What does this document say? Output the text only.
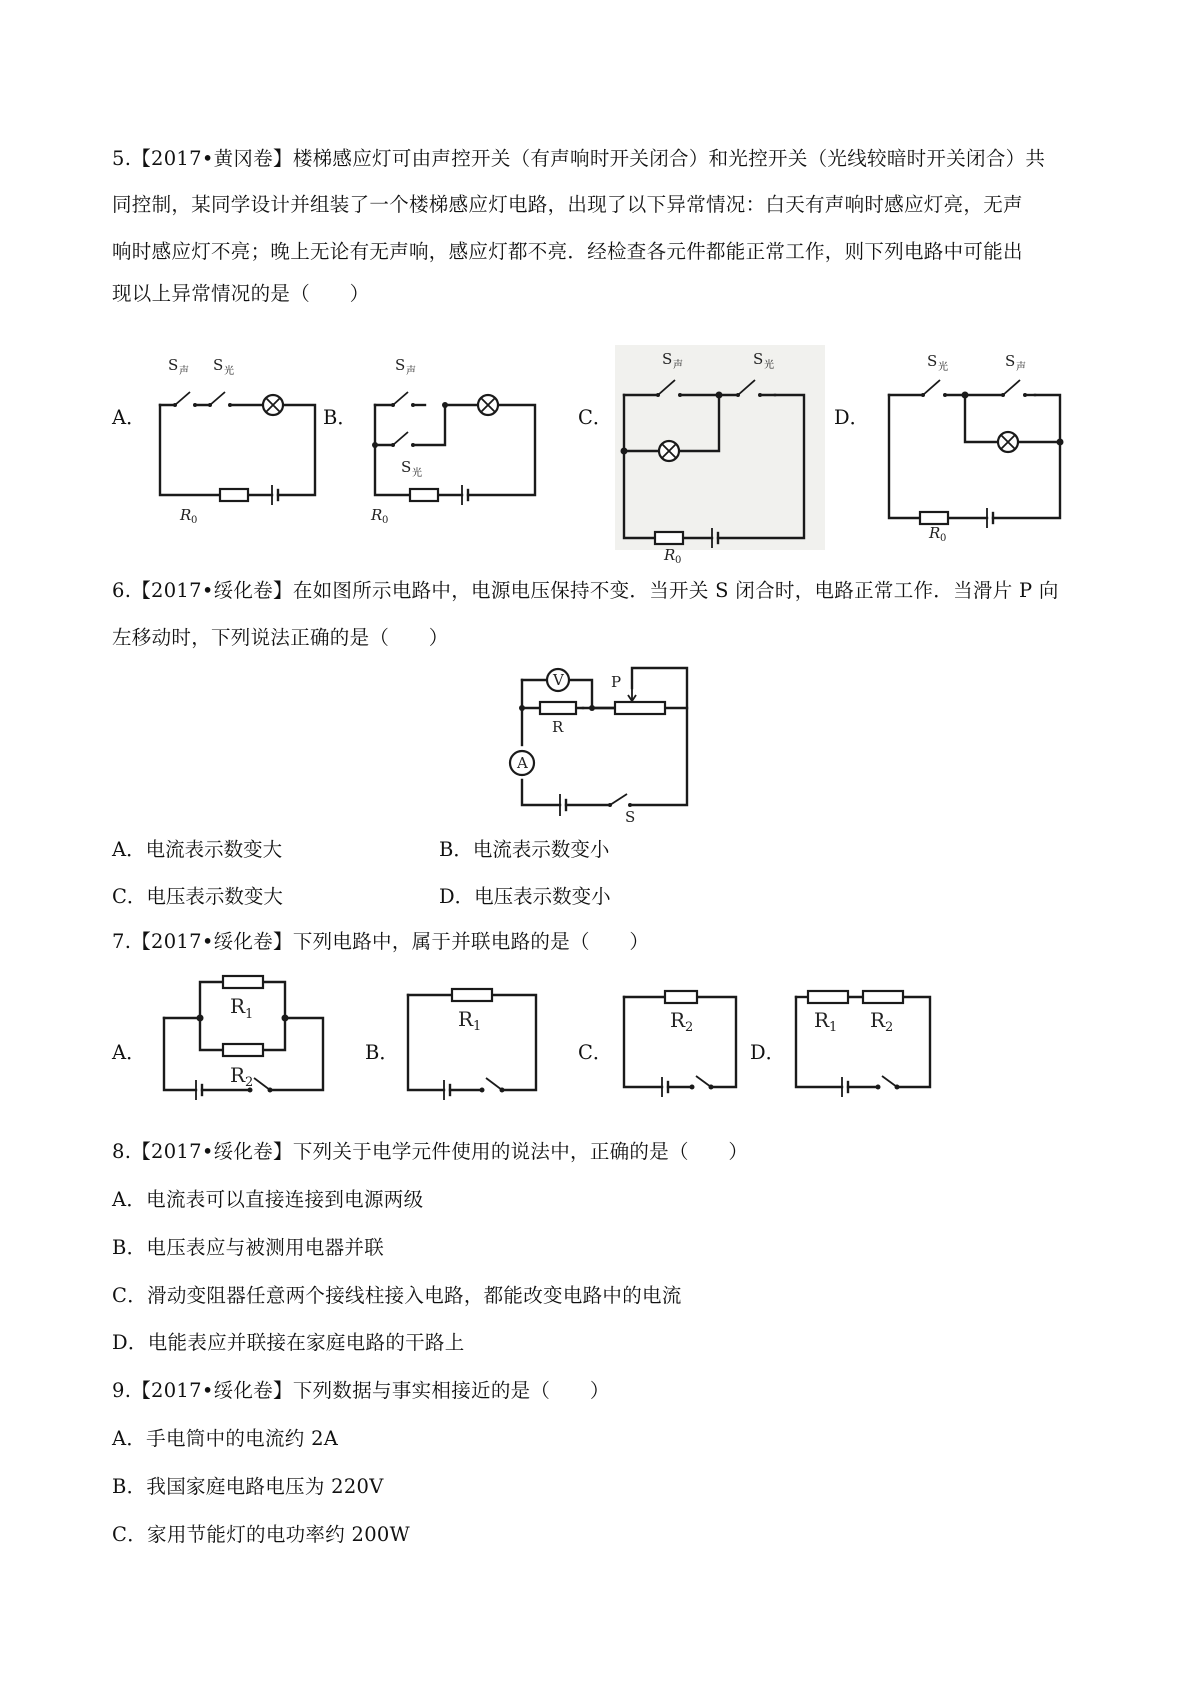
5.【2017•黄冈卷】楼梯感应灯可由声控开关（有声响时开关闭合）和光控开关（光线较暗时开关闭合）共
同控制，某同学设计并组装了一个楼梯感应灯电路，出现了以下异常情况：白天有声响时感应灯亮，无声
响时感应灯不亮；晚上无论有无声响，感应灯都不亮．经检查各元件都能正常工作，则下列电路中可能出
现以上异常情况的是（　　）
A．	B．	C．	D．
S 声 S 光
R 0
S 声
S 光
R 0
S 声	S 光
R 0
S 光	S 声
R 0
6.【2017•绥化卷】在如图所示电路中，电源电压保持不变．当开关 S 闭合时，电路正常工作．当滑片 P 向
左移动时，下列说法正确的是（　　）
V
A
P
R
S
A．电流表示数变大	B．电流表示数变小
C．电压表示数变大	D．电压表示数变小
7.【2017•绥化卷】下列电路中，属于并联电路的是（　　）
A．	B．	C．	D．
R 1
R 2
R 1	R 2	R 1 R 2
8.【2017•绥化卷】下列关于电学元件使用的说法中，正确的是（　　）
A．电流表可以直接连接到电源两级
B．电压表应与被测用电器并联
C．滑动变阻器任意两个接线柱接入电路，都能改变电路中的电流
D．电能表应并联接在家庭电路的干路上
9.【2017•绥化卷】下列数据与事实相接近的是（　　）
A．手电筒中的电流约 2A
B．我国家庭电路电压为 220V
C．家用节能灯的电功率约 200W
